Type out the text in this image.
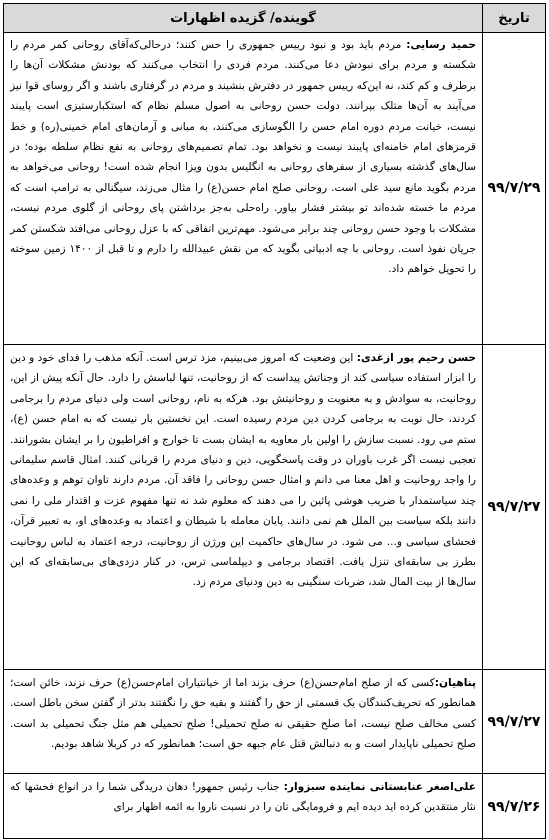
تاریخ
گوینده/ گزیده اظهارات
۹۹/۷/۲۹
حمید رسایی: مردم باید بود و نبود رییس جمهوری را حس کنند؛ درحالی‌که‌آقای روحانی کمر مردم را شکسته و مردم برای نبودش دعا می‌کنند. مردم فردی را انتخاب می‌کنند که بودنش مشکلات آن‌ها را برطرف و کم کند، نه این‌که رییس جمهور در دفترش بنشیند و مردم در گرفتاری باشند و اگر روسای قوا نیز می‌آیند به آن‌ها متلک بپرانند. دولت حسن روحانی به اصول مسلم نظام که استکبارستیزی است پایبند نیست، خیانت مردم دوره امام حسن را الگوسازی می‌کنند، به مبانی و آرمان‌های امام خمینی(ره) و خط قرمزهای امام خامنه‌ای پایبند نیست و نخواهد بود. تمام تصمیم‌های روحانی به نفع نظام سلطه بوده؛ در سال‌های گذشته بسیاری از سفرهای روحانی به انگلیس بدون ویزا انجام شده است! روحانی می‌خواهد به مردم بگوید مانع سید علی است. روحانی صلح امام حسن(ع) را مثال می‌زند، سیگنالی به ترامپ است که مردم ما خسته شده‌اند تو بیشتر فشار بیاور. راه‌حلی به‌جز برداشتن پای روحانی از گلوی مردم نیست، مشکلات با وجود حسن روحانی چند برابر می‌شود. مهم‌ترین اتفاقی که با عزل روحانی می‌افتد شکستن کمر جریان نفوذ است. روحانی با چه ادبیاتی بگوید که من نقش عبیدالله را دارم و تا قبل از ۱۴۰۰ زمین سوخته را تحویل خواهم داد.
۹۹/۷/۲۷
حسن رحیم پور ازغدی: این وضعیت که امروز می‌بینیم، مزد ترس است. آنکه مذهب را فدای خود و دین را ابزار استفاده سیاسی کند از وجناتش پیداست که از روحانیت، تنها لباسش را دارد. حال آنکه پیش از این، روحانیت، به سوادش و به معنویت و روحانیتش بود. هرکه به نام، روحانی است ولی دنیای مردم را برجامی کردند، حال نوبت به برجامی کردن دین مردم رسیده است. این نخستین بار نیست که به امام حسن (ع)، ستم می رود. نسبت سازش را اولین بار معاویه به ایشان بست تا خوارج و افراطیون را بر ایشان بشورانند. تعجبی نیست اگر غرب باوران در وقت پاسخگویی، دین و دنیای مردم را قربانی کنند. امثال قاسم سلیمانی را واجد روحانیت و اهل معنا می دانم و امثال حسن روحانی را فاقد آن. مردم دارند تاوان توهم و وعده‌های چند سیاستمدار با ضریب هوشی پائین را می دهند که معلوم شد نه تنها مفهوم عزت و اقتدار ملی را نمی دانند بلکه سیاست بین الملل هم نمی دانند. پایان معامله با شیطان و اعتماد به وعده‌های او، به تعبیر قرآن، فحشای سیاسی و... می شود. در سال‌های حاکمیت این ورژن از روحانیت، درجه اعتماد به لباس روحانیت بطرز بی سابقه‌ای تنزل یافت. اقتصاد برجامی و دیپلماسی ترس، در کنار دزدی‌های بی‌سابقه‌ای که این سال‌ها از بیت المال شد، ضربات سنگینی به دین ودنیای مردم زد.
۹۹/۷/۲۷
پناهیان:کسی که از صلح امام‌حسن(ع) حرف بزند اما از خیانتیاران امام‌حسن(ع) حرف نزند، خائن است؛ همانطور که تحریف‌کنندگان یک قسمتی از حق را گفتند و بقیه حق را نگفتند بدتر از گفتن سخن باطل است. کسی مخالف صلح نیست، اما صلح حقیقی نه صلح تحمیلی! صلح تحمیلی هم مثل جنگ تحمیلی بد است. صلح تحمیلی ناپایدار است و به دنبالش قتل عام جبهه حق است؛ همانطور که در کربلا شاهد بودیم.
۹۹/۷/۲۶
علی‌اصغر عنابستانی نماینده سبزوار: جناب رئیس جمهور! دهان دریدگی شما را در انواع فحشها که نثار منتقدین کرده اید دیده ایم و فرومایگی تان را در نسبت ناروا به ائمه اظهار برای
